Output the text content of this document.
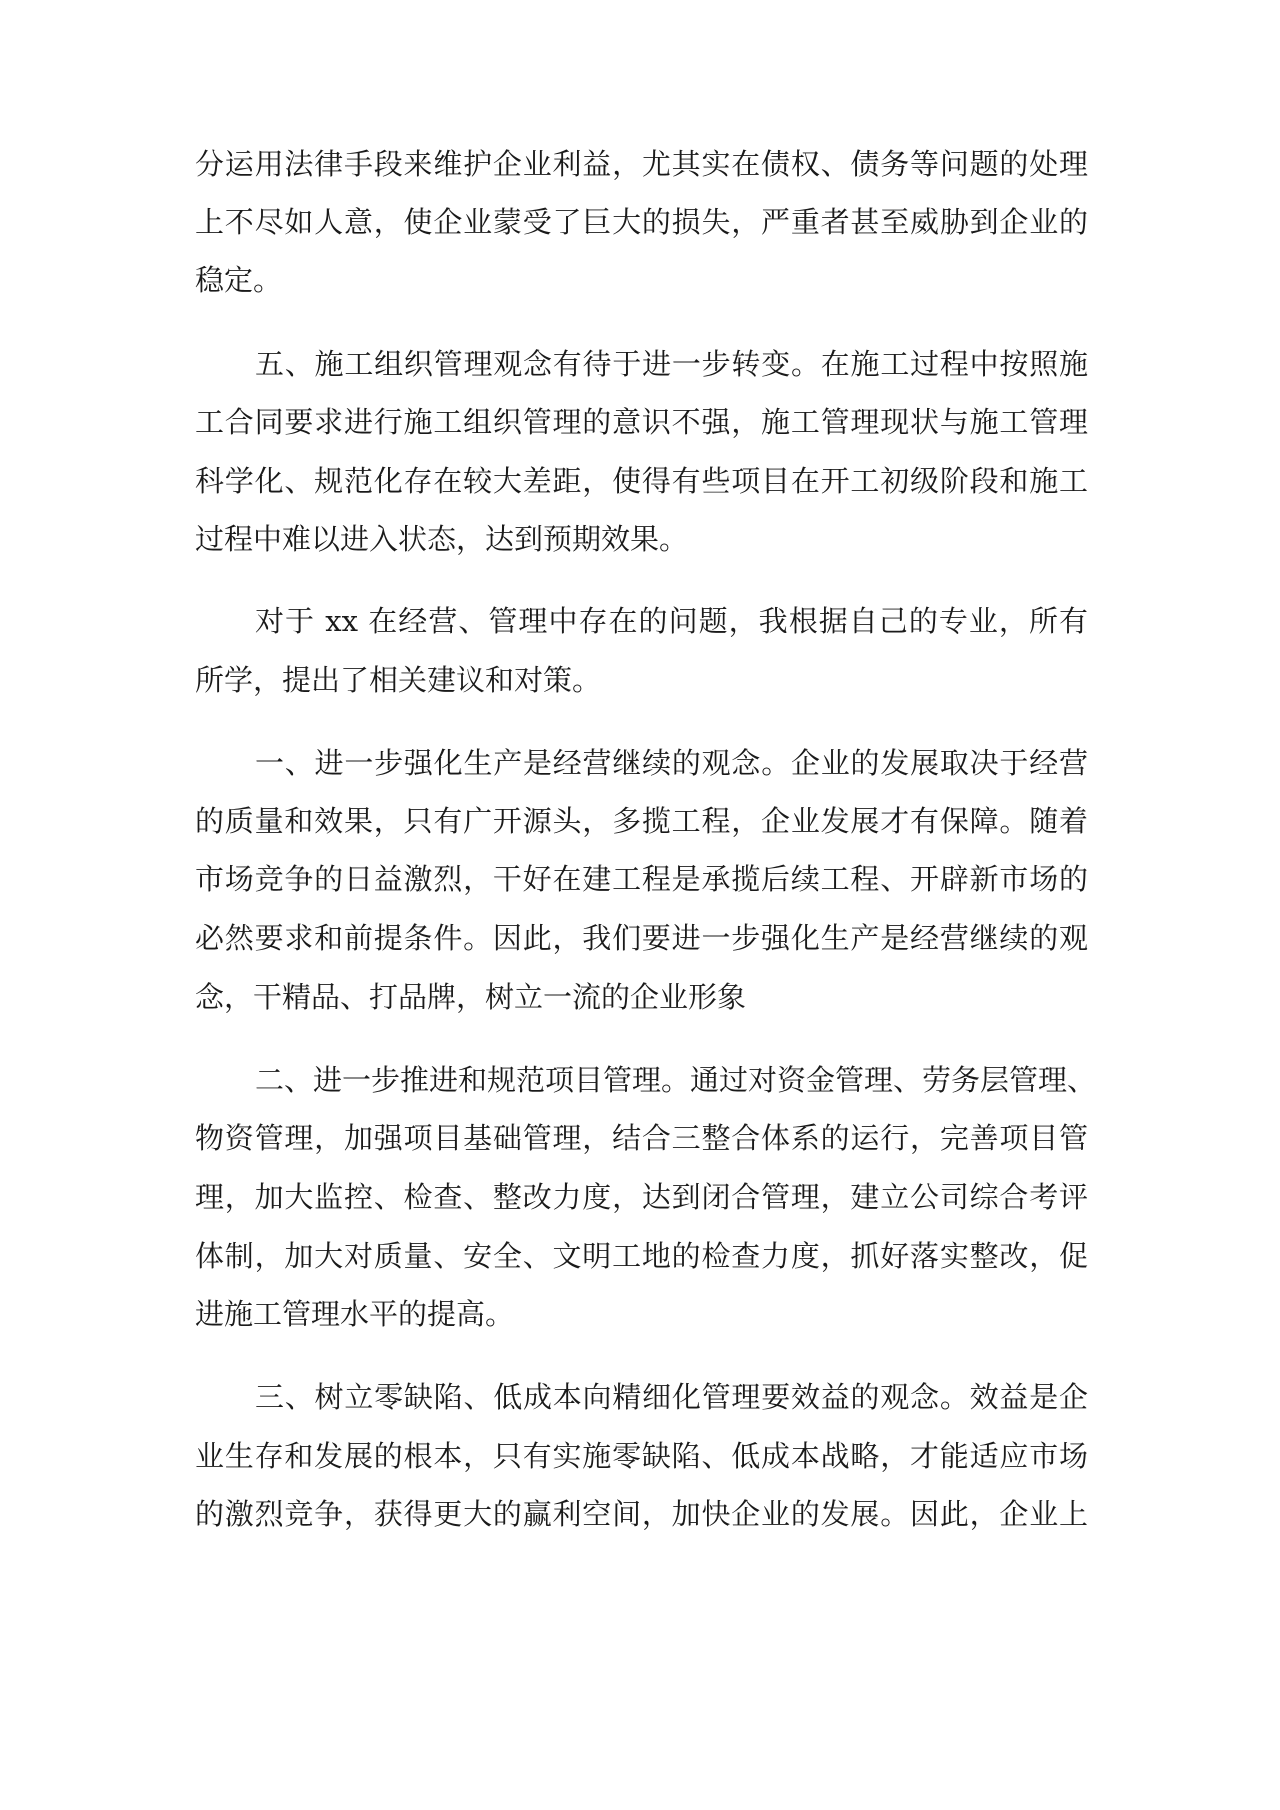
分运用法律手段来维护企业利益，尤其实在债权、债务等问题的处理

上不尽如人意，使企业蒙受了巨大的损失，严重者甚至威胁到企业的

稳定。

五、施工组织管理观念有待于进一步转变。在施工过程中按照施

工合同要求进行施工组织管理的意识不强，施工管理现状与施工管理

科学化、规范化存在较大差距，使得有些项目在开工初级阶段和施工

过程中难以进入状态，达到预期效果。

对于 xx 在经营、管理中存在的问题，我根据自己的专业，所有

所学，提出了相关建议和对策。

一、进一步强化生产是经营继续的观念。企业的发展取决于经营

的质量和效果，只有广开源头，多揽工程，企业发展才有保障。随着

市场竞争的日益激烈，干好在建工程是承揽后续工程、开辟新市场的

必然要求和前提条件。因此，我们要进一步强化生产是经营继续的观

念，干精品、打品牌，树立一流的企业形象

二、进一步推进和规范项目管理。通过对资金管理、劳务层管理、

物资管理，加强项目基础管理，结合三整合体系的运行，完善项目管

理，加大监控、检查、整改力度，达到闭合管理，建立公司综合考评

体制，加大对质量、安全、文明工地的检查力度，抓好落实整改，促

进施工管理水平的提高。

三、树立零缺陷、低成本向精细化管理要效益的观念。效益是企

业生存和发展的根本，只有实施零缺陷、低成本战略，才能适应市场

的激烈竞争，获得更大的赢利空间，加快企业的发展。因此，企业上
